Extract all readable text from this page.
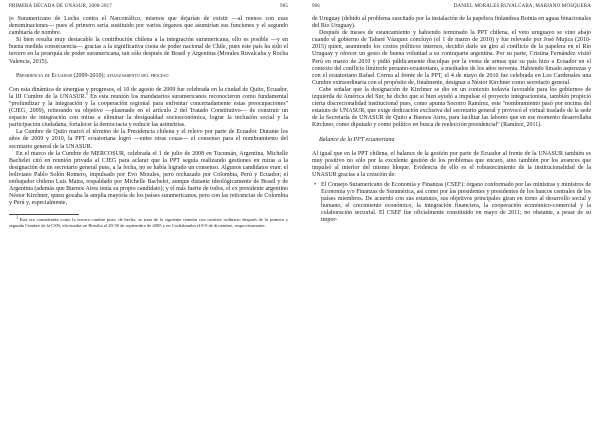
PRIMERA DÉCADA DE UNASUR, 2008-2017	965

jo Suramericano de Lucha contra el Narcotráfico, mismos que dejarían de existir —al menos con esas denominaciones— pues el primero sería sustituido por varios órganos que asumirían sus funciones y el segundo cambiaría de nombre.

Si bien resulta muy destacable la contribución chilena a la integración suramericana, ello es posible —y en buena medida consecuencia— gracias a la significativa cuota de poder nacional de Chile, pues este país ha sido el tercero en la jerarquía de poder suramericana, tan sólo después de Brasil y Argentina (Morales Ruvalcaba y Rocha Valencia, 2015).

Presidencia de Ecuador (2009-2010): afianzamiento del proceso

Con esta dinámica de sinergias y progresos, el 10 de agosto de 2009 fue celebrada en la ciudad de Quito, Ecuador, la III Cumbre de la UNASUR.$^3$ En esta reunión los mandatarios suramericanos reconocieron como fundamental "profundizar y la integración y la cooperación regional para enfrentar concertadamente estas preocupaciones" (CJEG, 2009), reiterando su objetivo —plasmado en el artículo 2 del Tratado Constitutivo— de construir un espacio de integración con miras a eliminar la desigualdad socioeconómica, lograr la inclusión social y la participación ciudadana, fortalecer la democracia y reducir las asimetrías.

La Cumbre de Quito marcó el término de la Presidencia chilena y el relevo por parte de Ecuador. Durante los años de 2009 y 2010, la PPT ecuatoriana logró —entre otras cosas— el consenso para el nombramiento del secretario general de la UNASUR.

En el marco de la Cumbre de MERCOSUR, celebrada el 1 de julio de 2008 en Tucumán, Argentina, Michelle Bachelet citó en reunión privada al CJEG para aclarar que la PPT seguía realizando gestiones en miras a la designación de un secretario general pues, a la fecha, no se había logrado un consenso. Algunos candidatos eran: el boliviano Pablo Solón Romero, impulsado por Evo Morales, pero rechazado por Colombia, Perú y Ecuador; el embajador chileno Luis Maira, respaldado por Michelle Bachelet, aunque distante ideológicamente de Brasil y de Argentina (además que Buenos Aires tenía su propio candidato); y el más fuerte de todos, el ex presidente argentino Néstor Kirchner, quien gozaba la amplia mayoría de los países suramericanos, pero con las reticencias de Colombia y Perú y, especialmente,

$^3$ Esta era considerada como la tercera cumbre pues, de hecho, se trata de la siguiente reunión con carácter ordinario después de la primera y segunda Cumbre de la CSN, efectuadas en Brasilia el 29-30 de septiembre de 2005 y en Cochabamba el 8-9 de diciembre, respectivamente.

966	DANIEL MORALES RUVALCABA, MARIANO MOSQUERA

de Uruguay (debido al problema suscitado por la instalación de la papelera finlandesa Botnia en aguas binacionales del Río Uruguay).

Después de meses de estancamiento y habiendo terminado la PPT chilena, el veto uruguayo se vino abajo cuando el gobierno de Tabaré Vázquez concluyó (el 1 de marzo de 2010) y fue relevado por José Mujica (2010-2015) quien, asumiendo los costos políticos internos, decidió darle un giro al conflicto de la papelera en el Río Uruguay y ofrecer un gesto de buena voluntad a su contraparte argentina. Por su parte, Cristina Fernández visitó Perú en marzo de 2010 y pidió públicamente disculpas por la venta de armas que su país hizo a Ecuador en el contexto del conflicto limítrofe peruano-ecuatoriano, a mediados de los años noventa. Habiendo limado asperezas y con el ecuatoriano Rafael Correa al frente de la PPT, el 4 de mayo de 2010 fue celebrada en Los Cardenales una Cumbre extraordinaria con el propósito de, finalmente, designar a Néstor Kirchner como secretario general.

Cabe señalar que la designación de Kirchner se dio en un contexto todavía favorable para los gobiernos de izquierda de América del Sur, he dicho que si bien ayudó a impulsar el proyecto integracionista, también propició cierta discrecionalidad institucional pues, como apunta Socorro Ramírez, este "nombramiento pasó por encima del estatuto de UNASUR, que exige dedicación exclusiva del secretario general y provocó el virtual traslado de la sede de la Secretaría de UNASUR de Quito a Buenos Aires, para facilitar las labores que en ese momento desarrollaba Kirchner, como diputado y como político en busca de reelección presidencial" (Ramírez, 2011).

Balance de la PPT ecuatoriana

Al igual que en la PPT chilena, el balance de la gestión por parte de Ecuador al frente de la UNASUR también es muy positivo no sólo por la excelente gestión de los problemas que encaró, sino también por los avances que impulsó al interior del mismo bloque. Evidencia de ello es el robustecimiento de la institucionalidad de la UNASUR gracias a la creación de:

• El Consejo Suramericano de Economía y Finanzas (CSEF): órgano conformado por las ministras y ministros de Economía y/o Finanzas de Suramérica, así como por las presidentes y presidentes de los bancos centrales de los países miembros. De acuerdo con sus estatutos, sus objetivos principales giran en torno al desarrollo social y humano, el crecimiento económico, la integración financiera, la cooperación económico-comercial y la colaboración sectorial. El CSEF fue oficialmente constituido en mayo de 2011; no obstante, a pesar de su impor-
